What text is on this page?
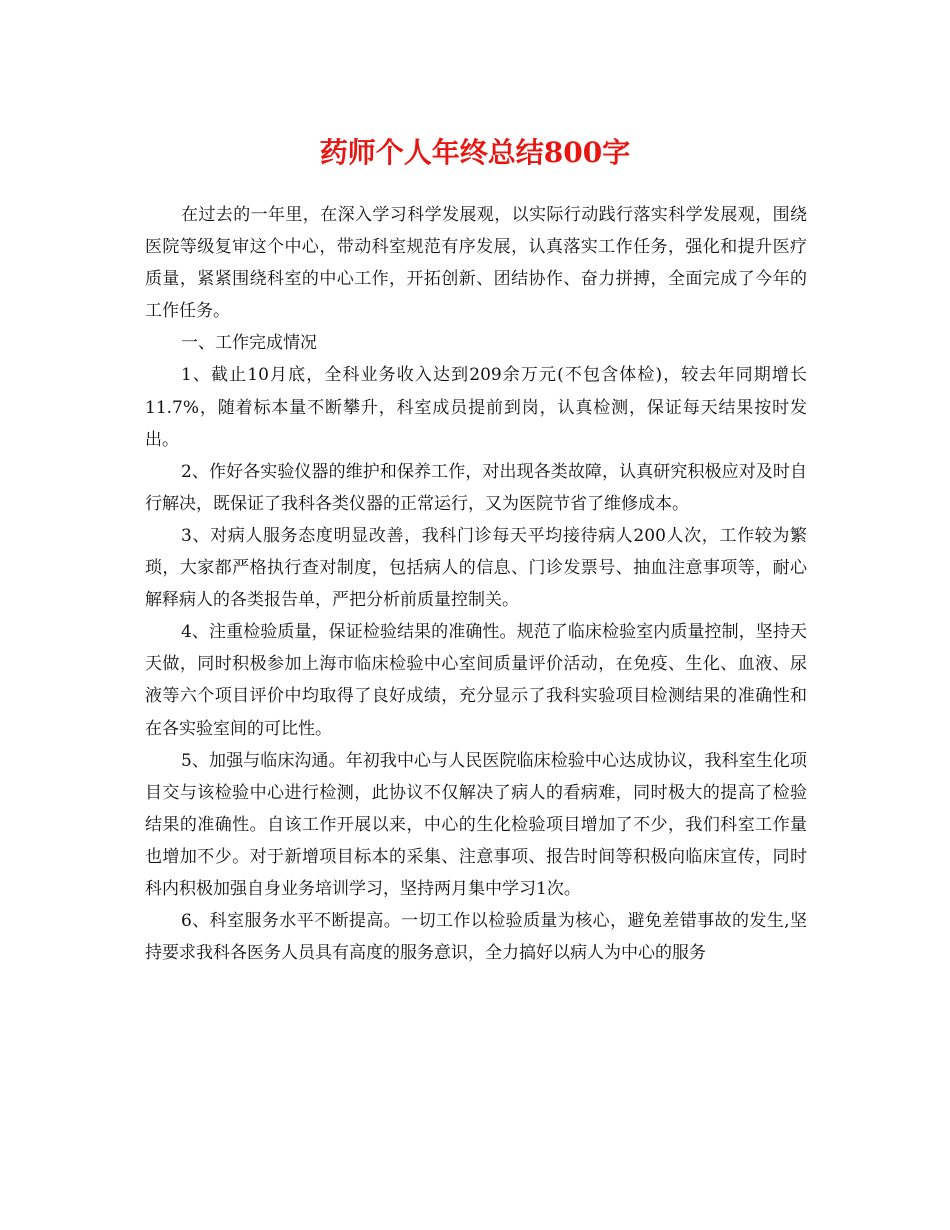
药师个人年终总结800字

在过去的一年里，在深入学习科学发展观，以实际行动践行落实科学发展观，围绕医院等级复审这个中心，带动科室规范有序发展，认真落实工作任务，强化和提升医疗质量，紧紧围绕科室的中心工作，开拓创新、团结协作、奋力拼搏，全面完成了今年的工作任务。

一、工作完成情况

1、截止10月底，全科业务收入达到209余万元(不包含体检)，较去年同期增长11.7%，随着标本量不断攀升，科室成员提前到岗，认真检测，保证每天结果按时发出。

2、作好各实验仪器的维护和保养工作，对出现各类故障，认真研究积极应对及时自行解决，既保证了我科各类仪器的正常运行，又为医院节省了维修成本。

3、对病人服务态度明显改善，我科门诊每天平均接待病人200人次，工作较为繁琐，大家都严格执行查对制度，包括病人的信息、门诊发票号、抽血注意事项等，耐心解释病人的各类报告单，严把分析前质量控制关。

4、注重检验质量，保证检验结果的准确性。规范了临床检验室内质量控制，坚持天天做，同时积极参加上海市临床检验中心室间质量评价活动，在免疫、生化、血液、尿液等六个项目评价中均取得了良好成绩，充分显示了我科实验项目检测结果的准确性和在各实验室间的可比性。

5、加强与临床沟通。年初我中心与人民医院临床检验中心达成协议，我科室生化项目交与该检验中心进行检测，此协议不仅解决了病人的看病难，同时极大的提高了检验结果的准确性。自该工作开展以来，中心的生化检验项目增加了不少，我们科室工作量也增加不少。对于新增项目标本的采集、注意事项、报告时间等积极向临床宣传，同时科内积极加强自身业务培训学习，坚持两月集中学习1次。

6、科室服务水平不断提高。一切工作以检验质量为核心，避免差错事故的发生,坚持要求我科各医务人员具有高度的服务意识，全力搞好以病人为中心的服务
